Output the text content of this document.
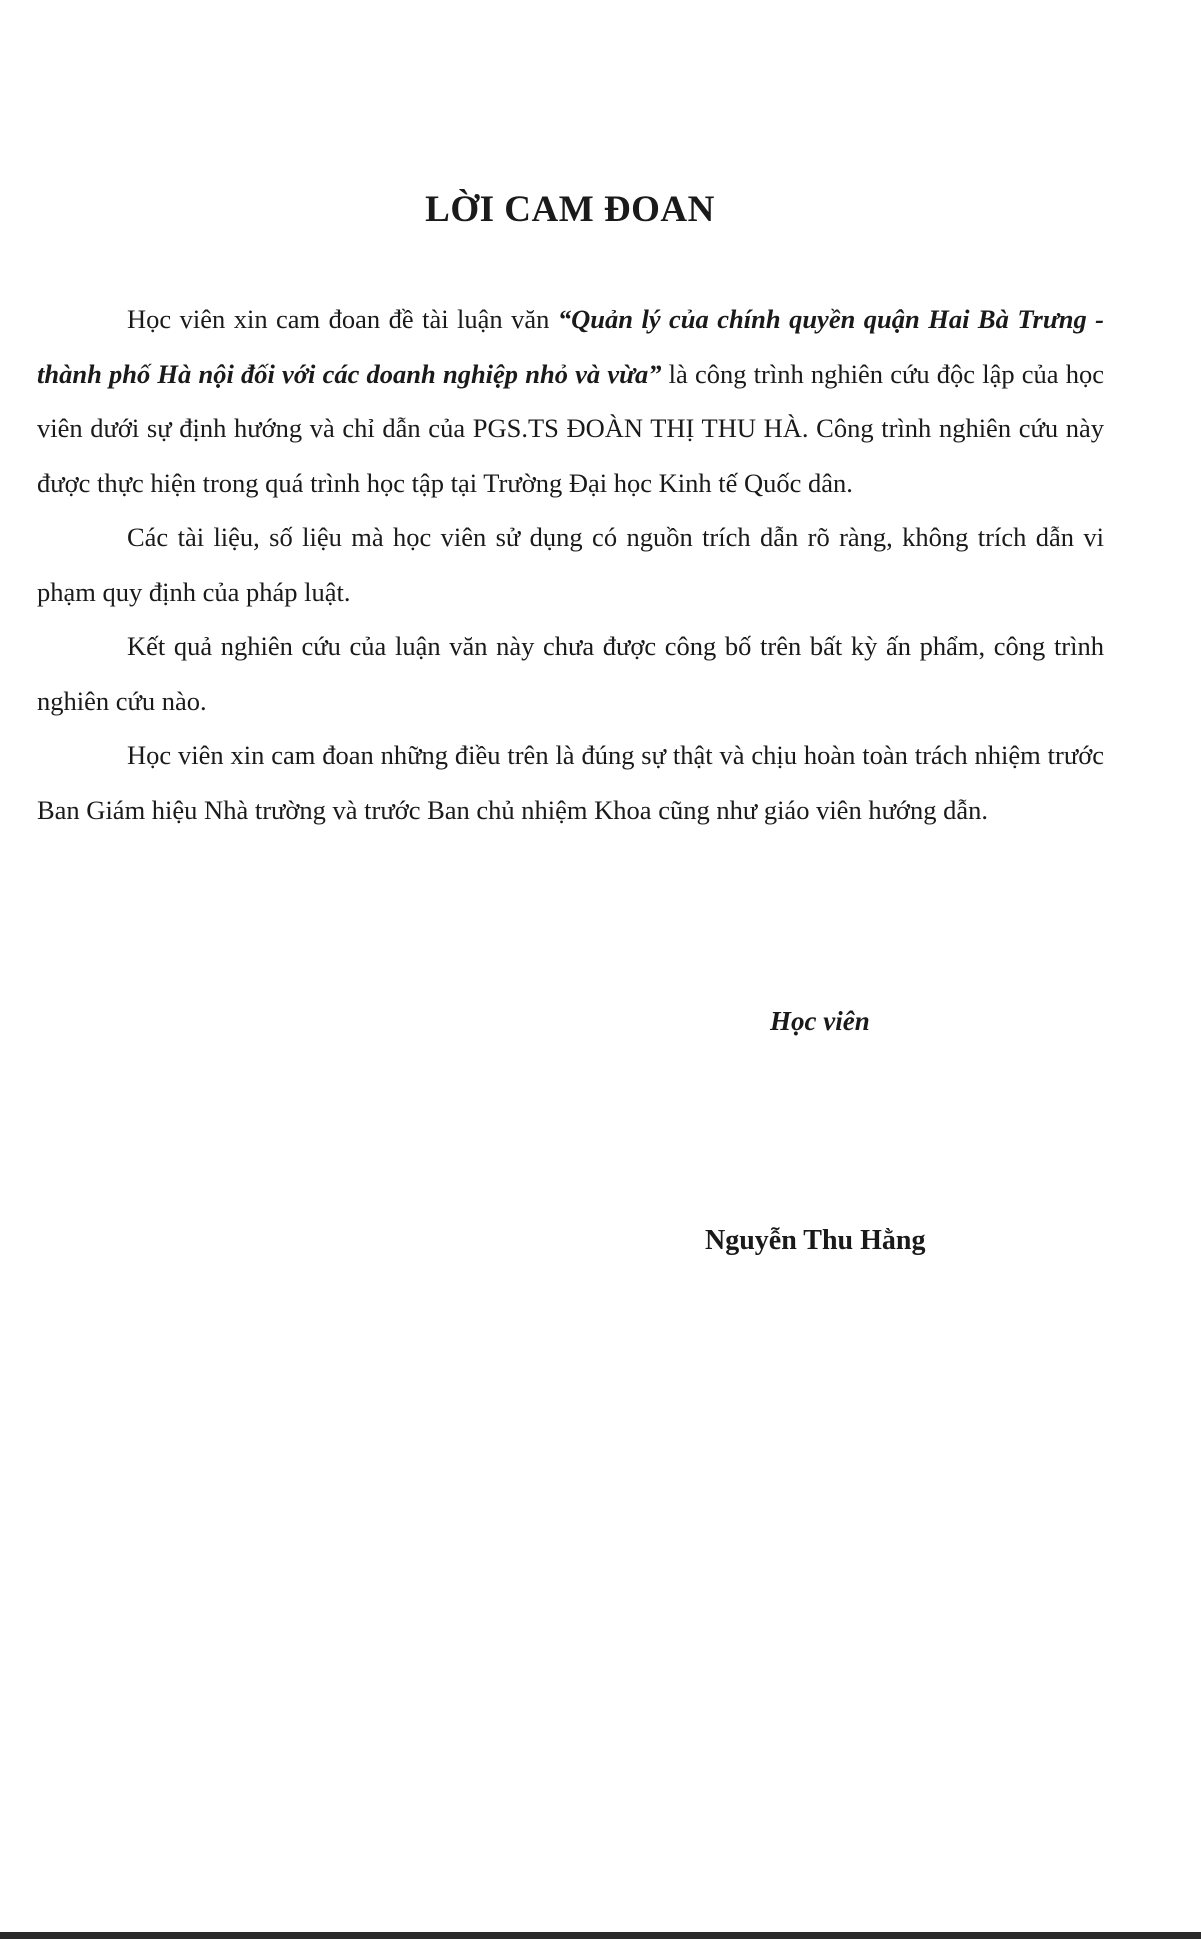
LỜI CAM ĐOAN

Học viên xin cam đoan đề tài luận văn “Quản lý của chính quyền quận Hai Bà Trưng - thành phố Hà nội đối với các doanh nghiệp nhỏ và vừa” là công trình nghiên cứu độc lập của học viên dưới sự định hướng và chỉ dẫn của PGS.TS ĐOÀN THỊ THU HÀ. Công trình nghiên cứu này được thực hiện trong quá trình học tập tại Trường Đại học Kinh tế Quốc dân.

Các tài liệu, số liệu mà học viên sử dụng có nguồn trích dẫn rõ ràng, không trích dẫn vi phạm quy định của pháp luật.

Kết quả nghiên cứu của luận văn này chưa được công bố trên bất kỳ ấn phẩm, công trình nghiên cứu nào.

Học viên xin cam đoan những điều trên là đúng sự thật và chịu hoàn toàn trách nhiệm trước Ban Giám hiệu Nhà trường và trước Ban chủ nhiệm Khoa cũng như giáo viên hướng dẫn.

Học viên
Nguyễn Thu Hằng
